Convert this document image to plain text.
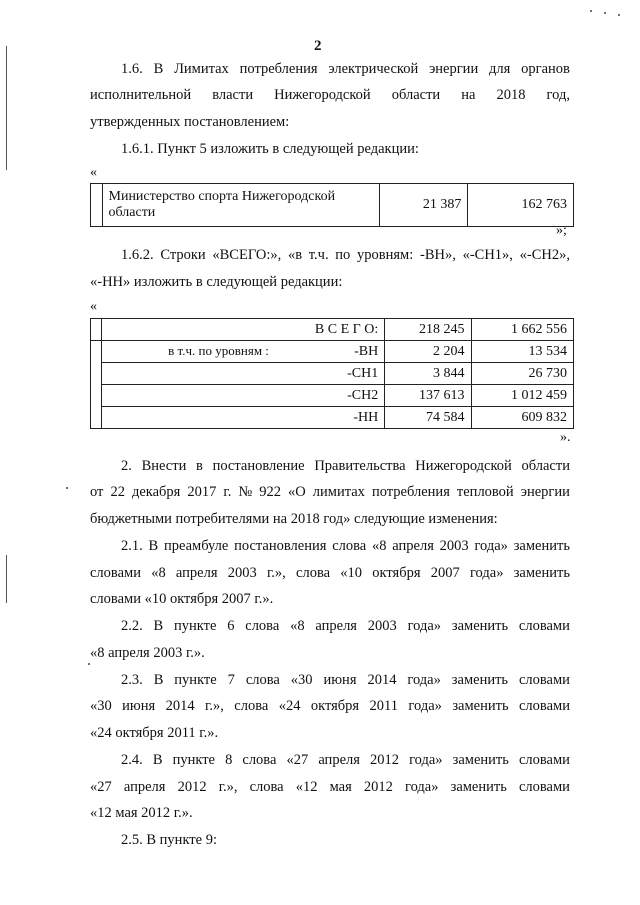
2
1.6. В Лимитах потребления электрической энергии для органов
исполнительной власти Нижегородской области на 2018 год,
утвержденных постановлением:
1.6.1. Пункт 5 изложить в следующей редакции:
«

Министерство спорта Нижегородской
области
	21 387	162 763
»;
1.6.2. Строки «ВСЕГО:», «в т.ч. по уровням: -ВН», «-СН1», «-СН2»,
«-НН» изложить в следующей редакции:
«
	В С Е Г О:	218 245	1 662 556

	в т.ч. по уровням : -ВН	2 204	13 534
	-СН1	3 844	26 730
	-СН2	137 613	1 012 459
	-НН	74 584	609 832
».
2. Внести в постановление Правительства Нижегородской области
от 22 декабря 2017 г. № 922 «О лимитах потребления тепловой энергии
бюджетными потребителями на 2018 год» следующие изменения:
2.1. В преамбуле постановления слова «8 апреля 2003 года» заменить
словами «8 апреля 2003 г.», слова «10 октября 2007 года» заменить
словами «10 октября 2007 г.».
2.2. В пункте 6 слова «8 апреля 2003 года» заменить словами
«8 апреля 2003 г.».
2.3. В пункте 7 слова «30 июня 2014 года» заменить словами
«30 июня 2014 г.», слова «24 октября 2011 года» заменить словами
«24 октября 2011 г.».
2.4. В пункте 8 слова «27 апреля 2012 года» заменить словами
«27 апреля 2012 г.», слова «12 мая 2012 года» заменить словами
«12 мая 2012 г.».
2.5. В пункте 9:
